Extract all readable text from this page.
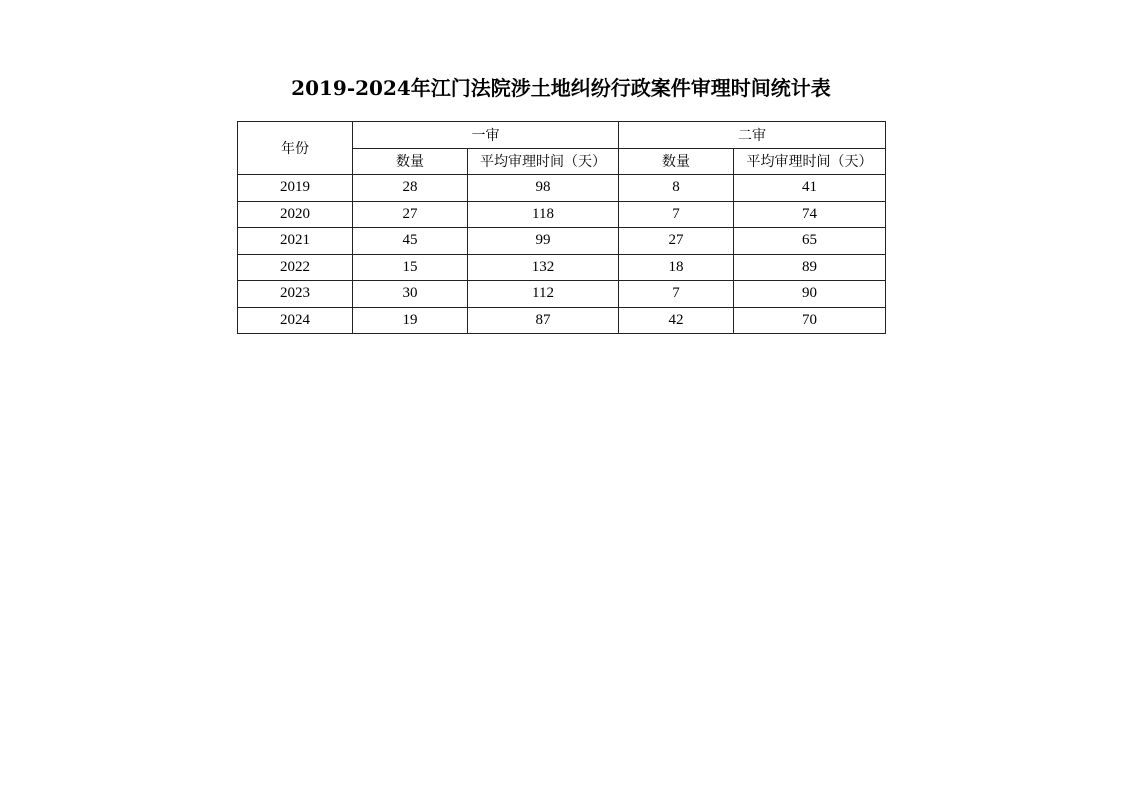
2019-2024年江门法院涉土地纠纷行政案件审理时间统计表
年份	一审		二审	
	数量	平均审理时间（天）	数量	平均审理时间（天）
2019	28	98	8	41
2020	27	118	7	74
2021	45	99	27	65
2022	15	132	18	89
2023	30	112	7	90
2024	19	87	42	70
